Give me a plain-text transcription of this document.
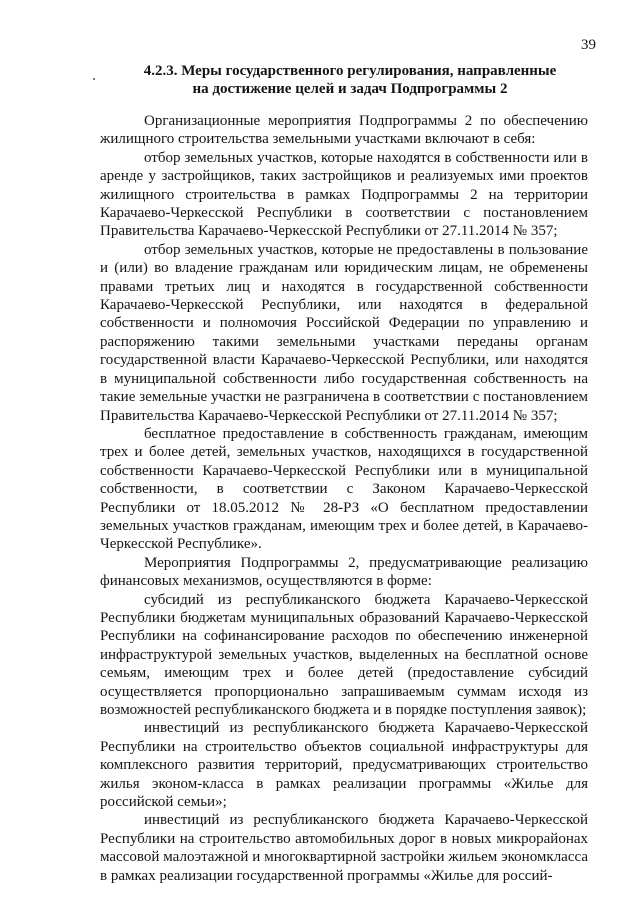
39
4.2.3. Меры государственного регулирования, направленные
на достижение целей и задач Подпрограммы 2

Организационные мероприятия Подпрограммы 2 по обеспечению жилищного строительства земельными участками включают в себя:

отбор земельных участков, которые находятся в собственности или в аренде у застройщиков, таких застройщиков и реализуемых ими проектов жилищного строительства в рамках Подпрограммы 2 на территории Карачаево-Черкесской Республики в соответствии с постановлением Правительства Карачаево-Черкесской Республики от 27.11.2014 № 357;

отбор земельных участков, которые не предоставлены в пользование и (или) во владение гражданам или юридическим лицам, не обременены правами третьих лиц и находятся в государственной собственности Карачаево-Черкесской Республики, или находятся в федеральной собственности и полномочия Российской Федерации по управлению и распоряжению такими земельными участками переданы органам государственной власти Карачаево-Черкесской Республики, или находятся в муниципальной собственности либо государственная собственность на такие земельные участки не разграничена в соответствии с постановлением Правительства Карачаево-Черкесской Республики от 27.11.2014 № 357;

бесплатное предоставление в собственность гражданам, имеющим трех и более детей, земельных участков, находящихся в государственной собственности Карачаево-Черкесской Республики или в муниципальной собственности, в соответствии с Законом Карачаево-Черкесской Республики от 18.05.2012 № 28-РЗ «О бесплатном предоставлении земельных участков гражданам, имеющим трех и более детей, в Карачаево-Черкесской Республике».

Мероприятия Подпрограммы 2, предусматривающие реализацию финансовых механизмов, осуществляются в форме:

субсидий из республиканского бюджета Карачаево-Черкесской Республики бюджетам муниципальных образований Карачаево-Черкесской Республики на софинансирование расходов по обеспечению инженерной инфраструктурой земельных участков, выделенных на бесплатной основе семьям, имеющим трех и более детей (предоставление субсидий осуществляется пропорционально запрашиваемым суммам исходя из возможностей республиканского бюджета и в порядке поступления заявок);

инвестиций из республиканского бюджета Карачаево-Черкесской Республики на строительство объектов социальной инфраструктуры для комплексного развития территорий, предусматривающих строительство жилья эконом-класса в рамках реализации программы «Жилье для российской семьи»;

инвестиций из республиканского бюджета Карачаево-Черкесской Республики на строительство автомобильных дорог в новых микрорайонах массовой малоэтажной и многоквартирной застройки жильем экономкласса в рамках реализации государственной программы «Жилье для россий-
